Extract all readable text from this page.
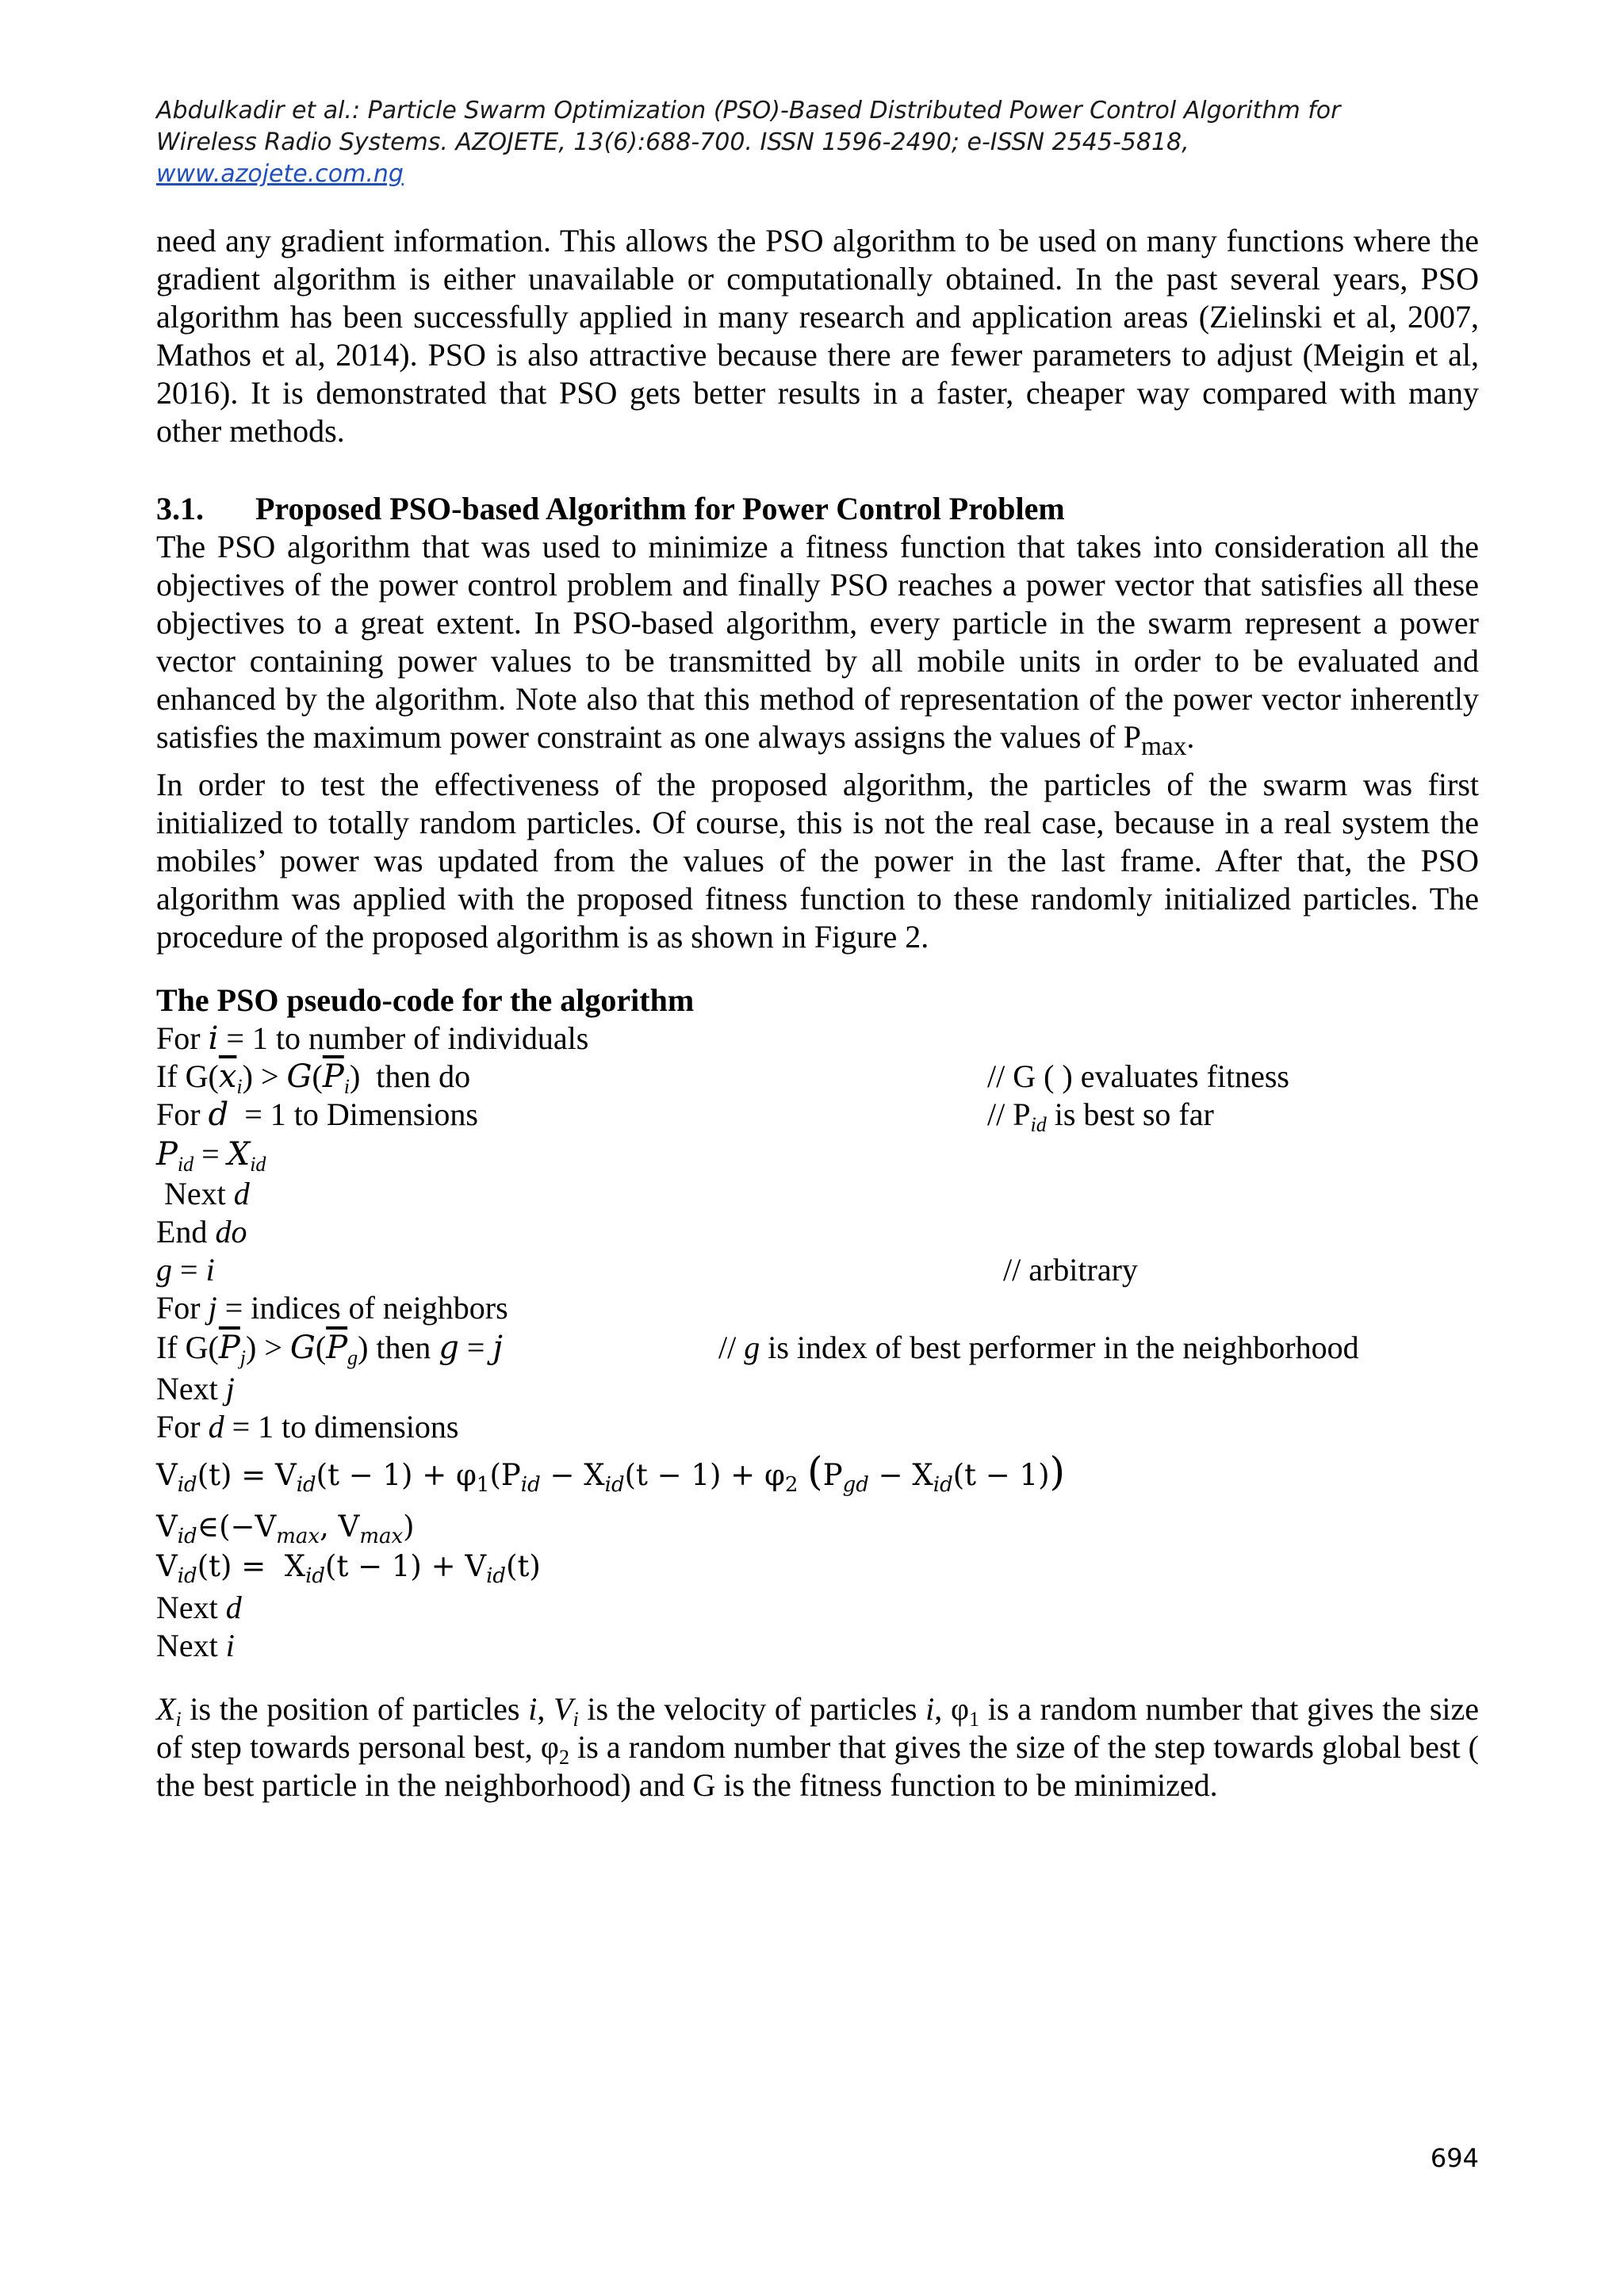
Abdulkadir et al.: Particle Swarm Optimization (PSO)-Based Distributed Power Control Algorithm for
Wireless Radio Systems. AZOJETE, 13(6):688-700. ISSN 1596-2490; e-ISSN 2545-5818,
www.azojete.com.ng

need any gradient information. This allows the PSO algorithm to be used on many functions where the gradient algorithm is either unavailable or computationally obtained. In the past several years, PSO algorithm has been successfully applied in many research and application areas (Zielinski et al, 2007, Mathos et al, 2014). PSO is also attractive because there are fewer parameters to adjust (Meigin et al, 2016). It is demonstrated that PSO gets better results in a faster, cheaper way compared with many other methods.

3.1. Proposed PSO-based Algorithm for Power Control Problem

The PSO algorithm that was used to minimize a fitness function that takes into consideration all the objectives of the power control problem and finally PSO reaches a power vector that satisfies all these objectives to a great extent. In PSO-based algorithm, every particle in the swarm represent a power vector containing power values to be transmitted by all mobile units in order to be evaluated and enhanced by the algorithm. Note also that this method of representation of the power vector inherently satisfies the maximum power constraint as one always assigns the values of $P_{max}$.

In order to test the effectiveness of the proposed algorithm, the particles of the swarm was first initialized to totally random particles. Of course, this is not the real case, because in a real system the mobiles’ power was updated from the values of the power in the last frame. After that, the PSO algorithm was applied with the proposed fitness function to these randomly initialized particles. The procedure of the proposed algorithm is as shown in Figure 2.

The PSO pseudo-code for the algorithm
For i = 1 to number of individuals
If $G(\overline{x}_i) > G(\overline{P}_i)$  then do	// G ( ) evaluates fitness
For d  = 1 to Dimensions	// $P_{id}$ is best so far
$P_{id} = X_{id}$
Next d
End do
g = i	// arbitrary
For j = indices of neighbors
If $G(\overline{P}_j) > G(\overline{P}_g)$ then g = j	// g is index of best performer in the neighborhood
Next j
For d = 1 to dimensions
$V_{id}(t) = V_{id}(t - 1) + \varphi_1(P_{id} - X_{id}(t - 1) + \varphi_2$ $(P_{gd} - X_{id}(t - 1))$
$V_{id}\in(-V_{max}$, $V_{max}$)
$V_{id}(t) = X_{id}(t - 1) + V_{id}(t)$
Next d
Next i
$X_i$ is the position of particles i, $V_i$ is the velocity of particles i, $\varphi_1$ is a random number that gives the size of step towards personal best, $\varphi_2$ is a random number that gives the size of the step towards global best ( the best particle in the neighborhood) and G is the fitness function to be minimized.
694
